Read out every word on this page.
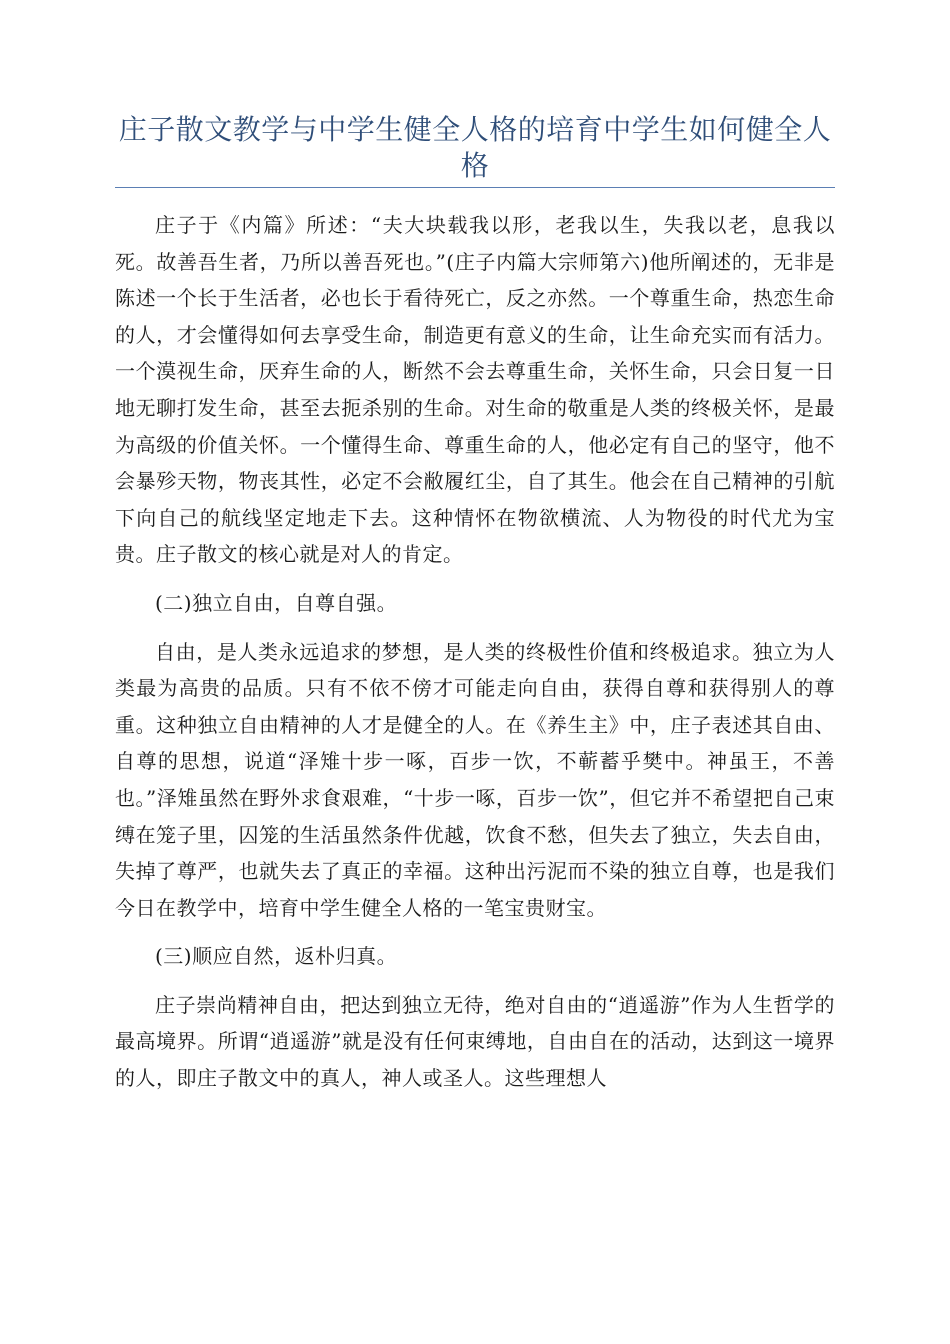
庄子散文教学与中学生健全人格的培育中学生如何健全人格

庄子于《内篇》所述：“夫大块载我以形，老我以生，失我以老，息我以死。故善吾生者，乃所以善吾死也。”(庄子内篇大宗师第六)他所阐述的，无非是陈述一个长于生活者，必也长于看待死亡，反之亦然。一个尊重生命，热恋生命的人，才会懂得如何去享受生命，制造更有意义的生命，让生命充实而有活力。一个漠视生命，厌弃生命的人，断然不会去尊重生命，关怀生命，只会日复一日地无聊打发生命，甚至去扼杀别的生命。对生命的敬重是人类的终极关怀，是最为高级的价值关怀。一个懂得生命、尊重生命的人，他必定有自己的坚守，他不会暴殄天物，物丧其性，必定不会敝履红尘，自了其生。他会在自己精神的引航下向自己的航线坚定地走下去。这种情怀在物欲横流、人为物役的时代尤为宝贵。庄子散文的核心就是对人的肯定。

(二)独立自由，自尊自强。

自由，是人类永远追求的梦想，是人类的终极性价值和终极追求。独立为人类最为高贵的品质。只有不依不傍才可能走向自由，获得自尊和获得别人的尊重。这种独立自由精神的人才是健全的人。在《养生主》中，庄子表述其自由、自尊的思想，说道“泽雉十步一啄，百步一饮，不蕲蓄乎樊中。神虽王，不善也。”泽雉虽然在野外求食艰难，“十步一啄，百步一饮”，但它并不希望把自己束缚在笼子里，囚笼的生活虽然条件优越，饮食不愁，但失去了独立，失去自由，失掉了尊严，也就失去了真正的幸福。这种出污泥而不染的独立自尊，也是我们今日在教学中，培育中学生健全人格的一笔宝贵财宝。

(三)顺应自然，返朴归真。

庄子崇尚精神自由，把达到独立无待，绝对自由的“逍遥游”作为人生哲学的最高境界。所谓“逍遥游”就是没有任何束缚地，自由自在的活动，达到这一境界的人，即庄子散文中的真人，神人或圣人。这些理想人
